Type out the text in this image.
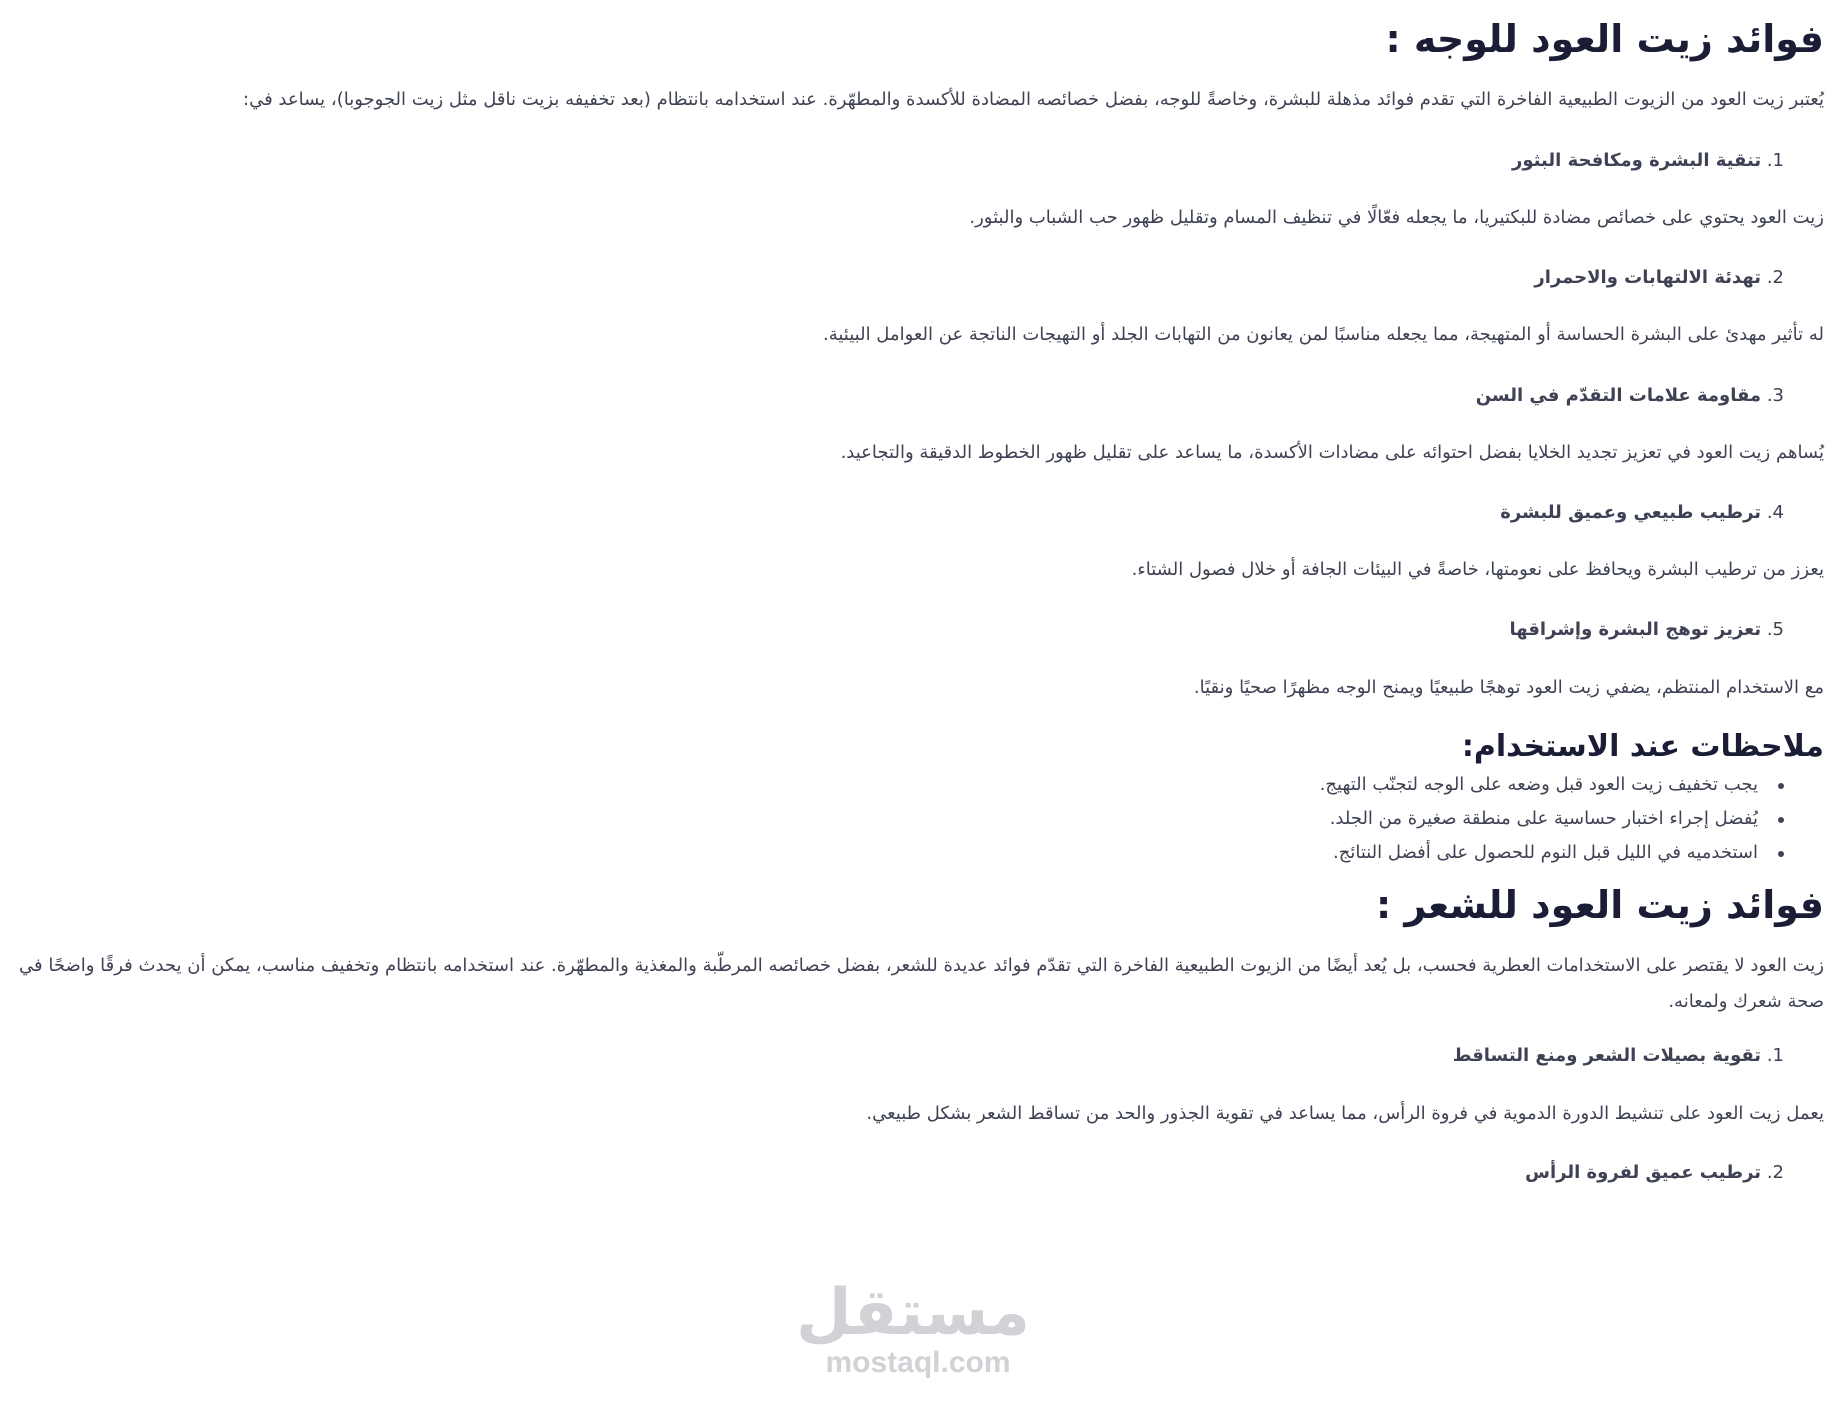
فوائد زيت العود للوجه :

يُعتبر زيت العود من الزيوت الطبيعية الفاخرة التي تقدم فوائد مذهلة للبشرة، وخاصةً للوجه، بفضل خصائصه المضادة للأكسدة والمطهّرة. عند استخدامه بانتظام (بعد تخفيفه بزيت ناقل مثل زيت الجوجوبا)، يساعد في:

1. تنقية البشرة ومكافحة البثور

زيت العود يحتوي على خصائص مضادة للبكتيريا، ما يجعله فعّالًا في تنظيف المسام وتقليل ظهور حب الشباب والبثور.

2. تهدئة الالتهابات والاحمرار

له تأثير مهدئ على البشرة الحساسة أو المتهيجة، مما يجعله مناسبًا لمن يعانون من التهابات الجلد أو التهيجات الناتجة عن العوامل البيئية.

3. مقاومة علامات التقدّم في السن

يُساهم زيت العود في تعزيز تجديد الخلايا بفضل احتوائه على مضادات الأكسدة، ما يساعد على تقليل ظهور الخطوط الدقيقة والتجاعيد.

4. ترطيب طبيعي وعميق للبشرة

يعزز من ترطيب البشرة ويحافظ على نعومتها، خاصةً في البيئات الجافة أو خلال فصول الشتاء.

5. تعزيز توهج البشرة وإشراقها

مع الاستخدام المنتظم، يضفي زيت العود توهجًا طبيعيًا ويمنح الوجه مظهرًا صحيًا ونقيًا.

ملاحظات عند الاستخدام:
يجب تخفيف زيت العود قبل وضعه على الوجه لتجنّب التهيج.
يُفضل إجراء اختبار حساسية على منطقة صغيرة من الجلد.
استخدميه في الليل قبل النوم للحصول على أفضل النتائج.
فوائد زيت العود للشعر :

زيت العود لا يقتصر على الاستخدامات العطرية فحسب، بل يُعد أيضًا من الزيوت الطبيعية الفاخرة التي تقدّم فوائد عديدة للشعر، بفضل خصائصه المرطّبة والمغذية والمطهّرة. عند استخدامه بانتظام وتخفيف مناسب، يمكن أن يحدث فرقًا واضحًا في صحة شعرك ولمعانه.

1. تقوية بصيلات الشعر ومنع التساقط

يعمل زيت العود على تنشيط الدورة الدموية في فروة الرأس، مما يساعد في تقوية الجذور والحد من تساقط الشعر بشكل طبيعي.

2. ترطيب عميق لفروة الرأس
مستقل
mostaql.com
